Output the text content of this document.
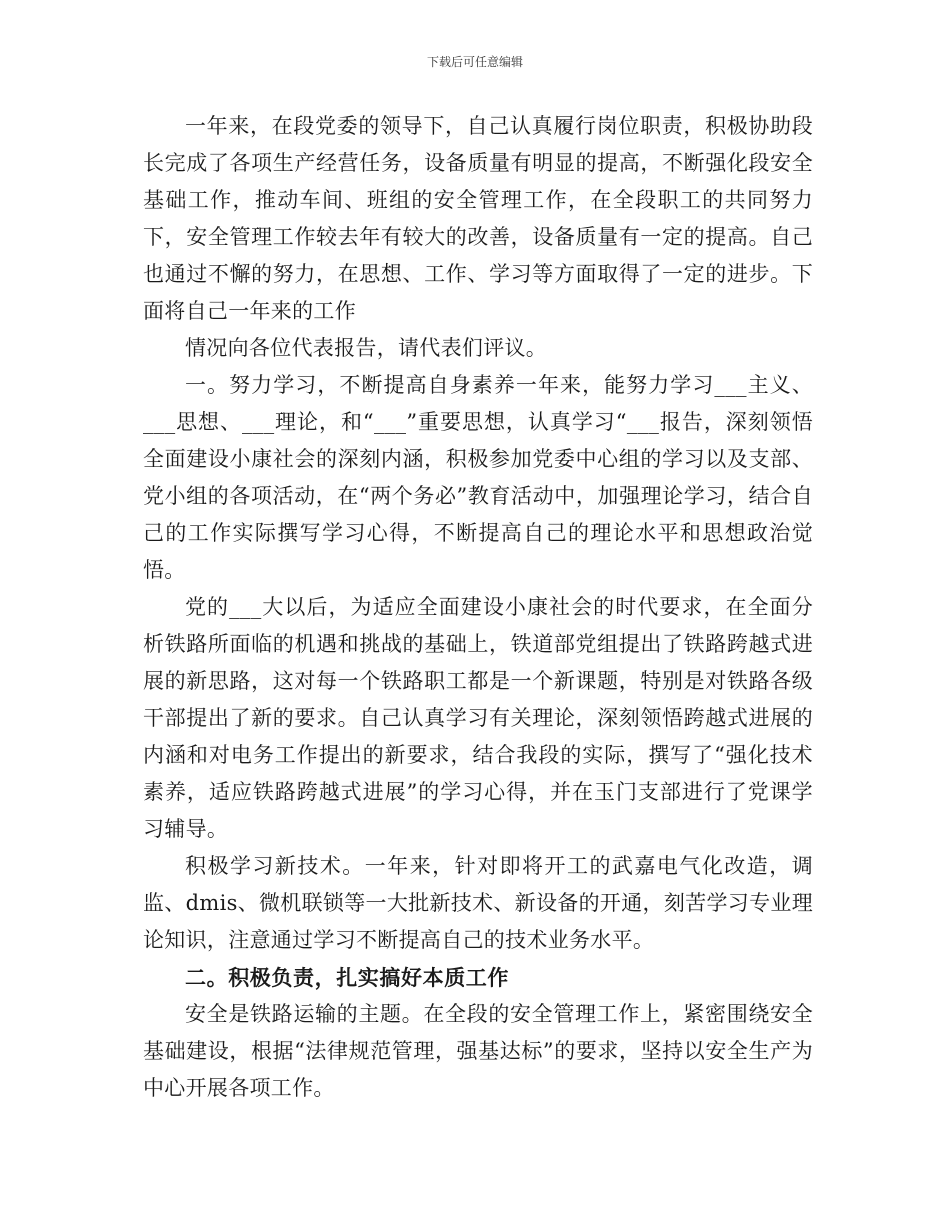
下载后可任意编辑

一年来，在段党委的领导下，自己认真履行岗位职责，积极协助段长完成了各项生产经营任务，设备质量有明显的提高，不断强化段安全基础工作，推动车间、班组的安全管理工作，在全段职工的共同努力下，安全管理工作较去年有较大的改善，设备质量有一定的提高。自己也通过不懈的努力，在思想、工作、学习等方面取得了一定的进步。下面将自己一年来的工作

情况向各位代表报告，请代表们评议。

一。努力学习，不断提高自身素养一年来，能努力学习___主义、___思想、___理论，和“___”重要思想，认真学习“___报告，深刻领悟全面建设小康社会的深刻内涵，积极参加党委中心组的学习以及支部、党小组的各项活动，在“两个务必”教育活动中，加强理论学习，结合自己的工作实际撰写学习心得，不断提高自己的理论水平和思想政治觉悟。

党的___大以后，为适应全面建设小康社会的时代要求，在全面分析铁路所面临的机遇和挑战的基础上，铁道部党组提出了铁路跨越式进展的新思路，这对每一个铁路职工都是一个新课题，特别是对铁路各级干部提出了新的要求。自己认真学习有关理论，深刻领悟跨越式进展的内涵和对电务工作提出的新要求，结合我段的实际，撰写了“强化技术素养，适应铁路跨越式进展”的学习心得，并在玉门支部进行了党课学习辅导。

积极学习新技术。一年来，针对即将开工的武嘉电气化改造，调监、dmis、微机联锁等一大批新技术、新设备的开通，刻苦学习专业理论知识，注意通过学习不断提高自己的技术业务水平。

二。积极负责，扎实搞好本质工作

安全是铁路运输的主题。在全段的安全管理工作上，紧密围绕安全基础建设，根据“法律规范管理，强基达标”的要求，坚持以安全生产为中心开展各项工作。
